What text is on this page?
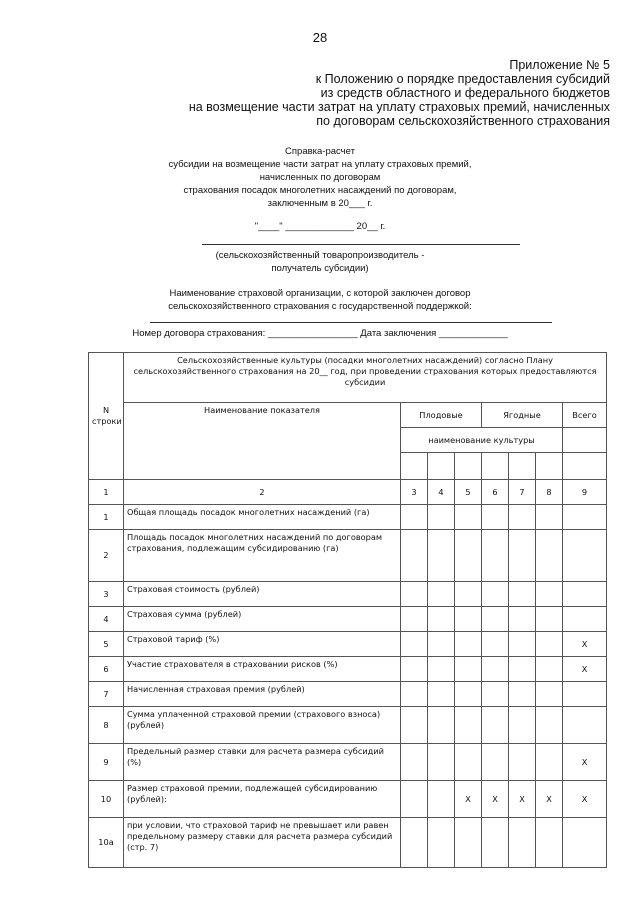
28
Приложение № 5
к Положению о порядке предоставления субсидий
из средств областного и федерального бюджетов
на возмещение части затрат на уплату страховых премий, начисленных
по договорам сельскохозяйственного страхования
Справка-расчет
субсидии на возмещение части затрат на уплату страховых премий,
начисленных по договорам
страхования посадок многолетних насаждений по договорам,
заключенным в 20___ г.
"____" _____________ 20__ г.
(сельскохозяйственный товаропроизводитель -
получатель субсидии)
Наименование страховой организации, с которой заключен договор
сельскохозяйственного страхования с государственной поддержкой:
Номер договора страхования: _________________ Дата заключения _____________
N строки	Сельскохозяйственные культуры (посадки многолетних насаждений) согласно Плану сельскохозяйственного страхования на 20__ год, при проведении страхования которых предоставляются субсидии							
	Наименование показателя	Плодовые			Ягодные			Всего
		наименование культуры						

1	2	3	4	5	6	7	8	9
1	Общая площадь посадок многолетних насаждений (га)							
2	Площадь посадок многолетних насаждений по договорам страхования, подлежащим субсидированию (га)							
3	Страховая стоимость (рублей)							
4	Страховая сумма (рублей)							
5	Страховой тариф (%)							X
6	Участие страхователя в страховании рисков (%)							X
7	Начисленная страховая премия (рублей)							
8	Сумма уплаченной страховой премии (страхового взноса) (рублей)							
9	Предельный размер ставки для расчета размера субсидий (%)							X
10	Размер страховой премии, подлежащей субсидированию (рублей):			X	X	X	X	X
10а	при условии, что страховой тариф не превышает или равен предельному размеру ставки для расчета размера субсидий (стр. 7)							
